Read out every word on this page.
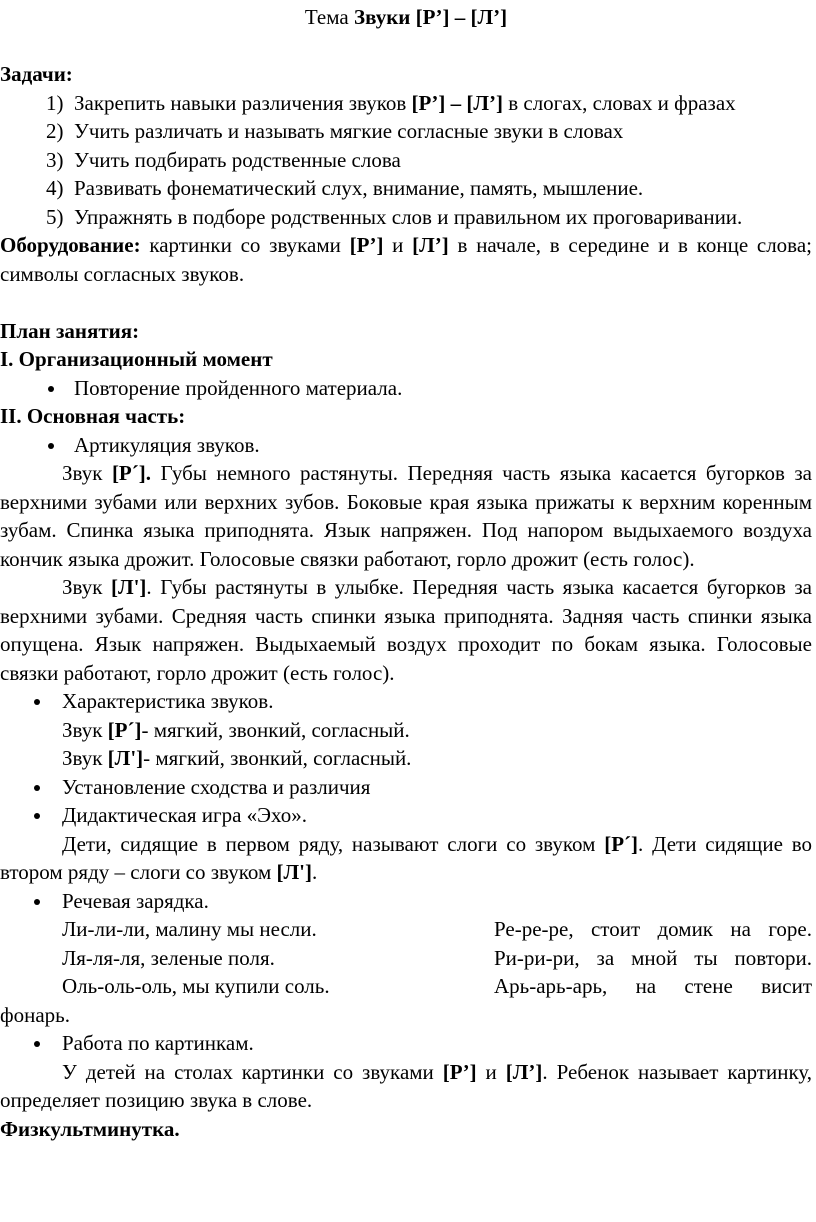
Тема Звуки [Р’] – [Л’]

Задачи:

1) Закрепить навыки различения звуков [Р’] – [Л’] в слогах, словах и фразах
2) Учить различать и называть мягкие согласные звуки в словах
3) Учить подбирать родственные слова
4) Развивать фонематический слух, внимание, память, мышление.
5) Упражнять в подборе родственных слов и правильном их проговаривании.

Оборудование: картинки со звуками [Р’] и [Л’] в начале, в середине и в конце слова; символы согласных звуков.

План занятия:

I. Организационный момент

Повторение пройденного материала.

II. Основная часть:

Артикуляция звуков.

Звук [Р´]. Губы немного растянуты. Передняя часть языка касается бугорков за верхними зубами или верхних зубов. Боковые края языка прижаты к верхним коренным зубам. Спинка языка приподнята. Язык напряжен. Под напором выдыхаемого воздуха кончик языка дрожит. Голосовые связки работают, горло дрожит (есть голос).

Звук [Л']. Губы растянуты в улыбке. Передняя часть языка касается бугорков за верхними зубами. Средняя часть спинки языка приподнята. Задняя часть спинки языка опущена. Язык напряжен. Выдыхаемый воздух проходит по бокам языка. Голосовые связки работают, горло дрожит (есть голос).

Характеристика звуков.

Звук [Р´]- мягкий, звонкий, согласный.

Звук [Л']- мягкий, звонкий, согласный.

Установление сходства и различия
Дидактическая игра «Эхо».

Дети, сидящие в первом ряду, называют слоги со звуком [Р´]. Дети сидящие во втором ряду – слоги со звуком [Л'].

Речевая зарядка.
Ли-ли-ли, малину мы несли.	Ре-ре-ре, стоит домик на горе.
Ля-ля-ля, зеленые поля.	Ри-ри-ри, за мной ты повтори.
Оль-оль-оль, мы купили соль.	Арь-арь-арь, на стене висит

фонарь.

Работа по картинкам.

У детей на столах картинки со звуками [Р’] и [Л’]. Ребенок называет картинку, определяет позицию звука в слове.

Физкультминутка.
